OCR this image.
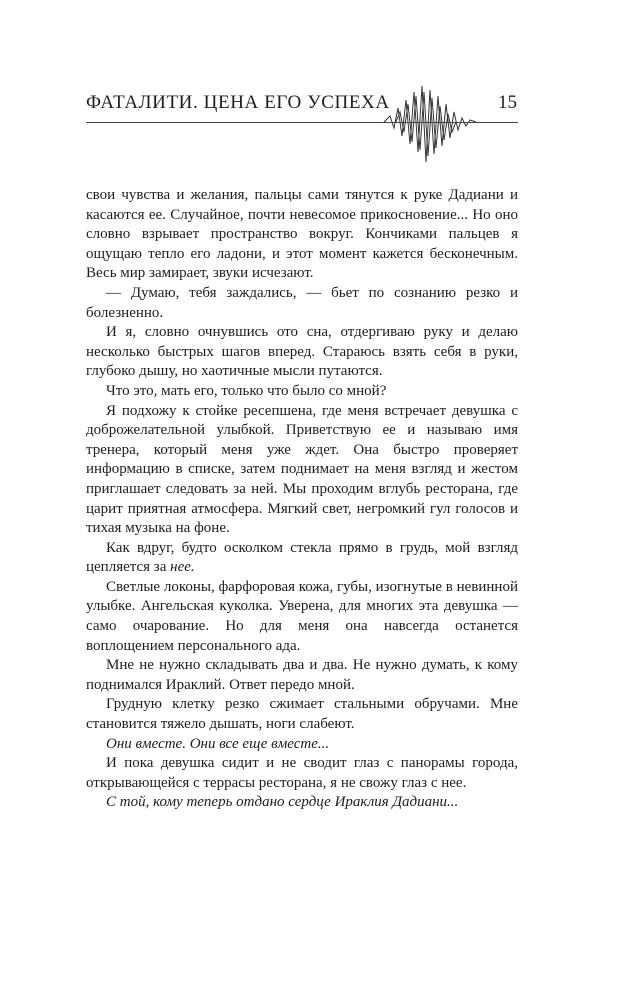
ФАТАЛИТИ. ЦЕНА ЕГО УСПЕХА	15

свои чувства и желания, пальцы сами тянутся к руке Дадиани и касаются ее. Случайное, почти невесомое прикосновение... Но оно словно взрывает пространство вокруг. Кончиками пальцев я ощущаю тепло его ладони, и этот момент кажется бесконечным. Весь мир замирает, звуки исчезают.

— Думаю, тебя заждались, — бьет по сознанию резко и болезненно.

И я, словно очнувшись ото сна, отдергиваю руку и делаю несколько быстрых шагов вперед. Стараюсь взять себя в руки, глубоко дышу, но хаотичные мысли путаются.

Что это, мать его, только что было со мной?

Я подхожу к стойке ресепшена, где меня встречает девушка с доброжелательной улыбкой. Приветствую ее и называю имя тренера, который меня уже ждет. Она быстро проверяет информацию в списке, затем поднимает на меня взгляд и жестом приглашает следовать за ней. Мы проходим вглубь ресторана, где царит приятная атмосфера. Мягкий свет, негромкий гул голосов и тихая музыка на фоне.

Как вдруг, будто осколком стекла прямо в грудь, мой взгляд цепляется за нее.

Светлые локоны, фарфоровая кожа, губы, изогнутые в невинной улыбке. Ангельская куколка. Уверена, для многих эта девушка — само очарование. Но для меня она навсегда останется воплощением персонального ада.

Мне не нужно складывать два и два. Не нужно думать, к кому поднимался Ираклий. Ответ передо мной.

Грудную клетку резко сжимает стальными обручами. Мне становится тяжело дышать, ноги слабеют.

Они вместе. Они все еще вместе...

И пока девушка сидит и не сводит глаз с панорамы города, открывающейся с террасы ресторана, я не свожу глаз с нее.

С той, кому теперь отдано сердце Ираклия Дадиани...
